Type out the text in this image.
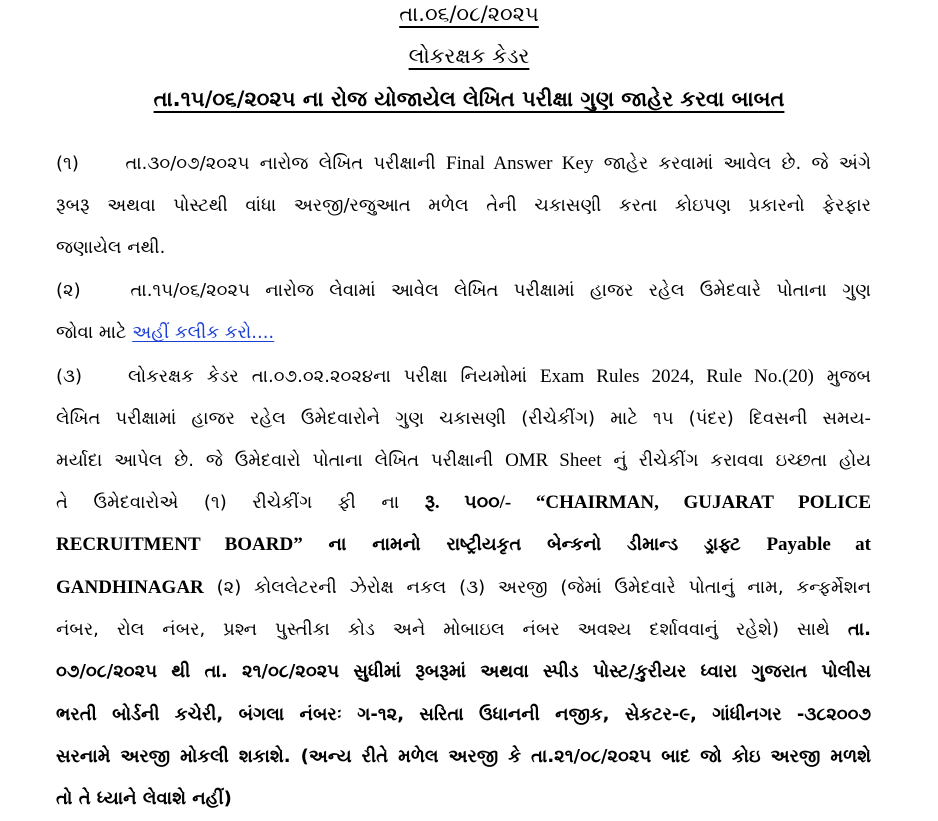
તા.૦૬/૦૮/૨૦૨૫
લોકરક્ષક કેડર
તા.૧૫/૦૬/૨૦૨૫ ના રોજ યોજાયેલ લેખિત પરીક્ષા ગુણ જાહેર કરવા બાબત
(૧)	તા.૩૦/૦૭/૨૦૨૫ નારોજ લેખિત પરીક્ષાની Final Answer Key જાહેર કરવામાં આવેલ છે. જે અંગે
રૂબરૂ અથવા પોસ્ટથી વાંધા અરજી/રજુઆત મળેલ તેની ચકાસણી કરતા કોઇપણ પ્રકારનો ફેરફાર
જણાયેલ નથી.
(૨)	તા.૧૫/૦૬/૨૦૨૫ નારોજ લેવામાં આવેલ લેખિત પરીક્ષામાં હાજર રહેલ ઉમેદવારે પોતાના ગુણ
જોવા માટે અહીં કલીક કરો....
(૩)	લોકરક્ષક કેડર તા.૦૭.૦૨.૨૦૨૪ના પરીક્ષા નિયમોમાં Exam Rules 2024, Rule No.(20) મુજબ
લેખિત પરીક્ષામાં હાજર રહેલ ઉમેદવારોને ગુણ ચકાસણી (રીચેકીંગ) માટે ૧૫ (પંદર) દિવસની સમય-
મર્યાદા આપેલ છે. જે ઉમેદવારો પોતાના લેખિત પરીક્ષાની OMR Sheet નું રીચેકીંગ કરાવવા ઇચ્છતા હોય
તે ઉમેદવારોએ (૧) રીચેકીંગ ફી ના રૂ. ૫૦૦/- “CHAIRMAN, GUJARAT POLICE
RECRUITMENT BOARD” ના નામનો રાષ્ટ્રીયકૃત બેન્કનો ડીમાન્ડ ડ્રાફ્ટ Payable at
GANDHINAGAR (૨) કોલલેટરની ઝેરોક્ષ નકલ (૩) અરજી (જેમાં ઉમેદવારે પોતાનું નામ, કન્ફર્મેશન
નંબર, રોલ નંબર, પ્રશ્ન પુસ્તીકા કોડ અને મોબાઇલ નંબર અવશ્ય દર્શાવવાનું રહેશે) સાથે તા.
૦૭/૦૮/૨૦૨૫ થી તા. ૨૧/૦૮/૨૦૨૫ સુધીમાં રૂબરૂમાં અથવા સ્પીડ પોસ્ટ/કુરીયર ધ્વારા ગુજરાત પોલીસ
ભરતી બોર્ડની કચેરી, બંગલા નંબરઃ ગ-૧૨, સરિતા ઉધાનની નજીક, સેકટર-૯, ગાંધીનગર -૩૮૨૦૦૭
સરનામે અરજી મોકલી શકાશે. (અન્ય રીતે મળેલ અરજી કે તા.૨૧/૦૮/૨૦૨૫ બાદ જો કોઇ અરજી મળશે
તો તે ધ્યાને લેવાશે નહીં)
